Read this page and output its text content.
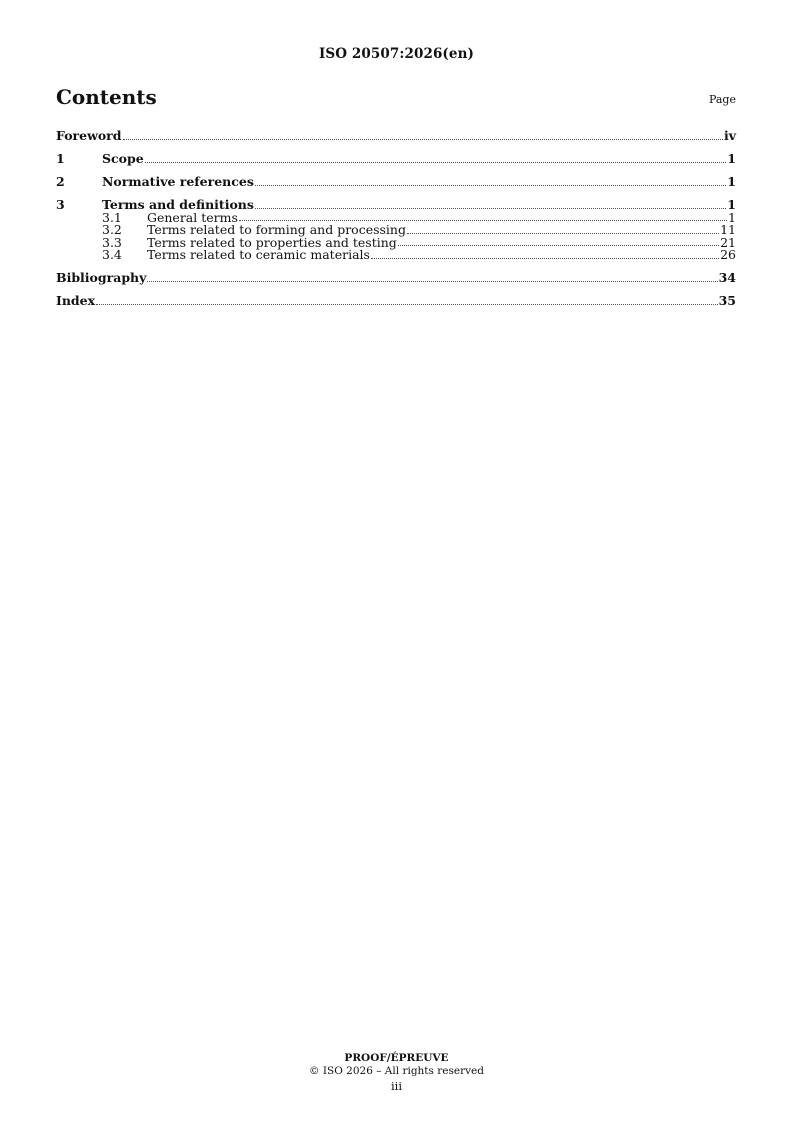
ISO 20507:2026(en)
Contents	Page
Foreword	iv
1	Scope	1
2	Normative references	1
3	Terms and definitions	1
3.1	General terms	1
3.2	Terms related to forming and processing	11
3.3	Terms related to properties and testing	21
3.4	Terms related to ceramic materials	26
Bibliography	34
Index	35
PROOF/ÉPREUVE
© ISO 2026 – All rights reserved
iii
